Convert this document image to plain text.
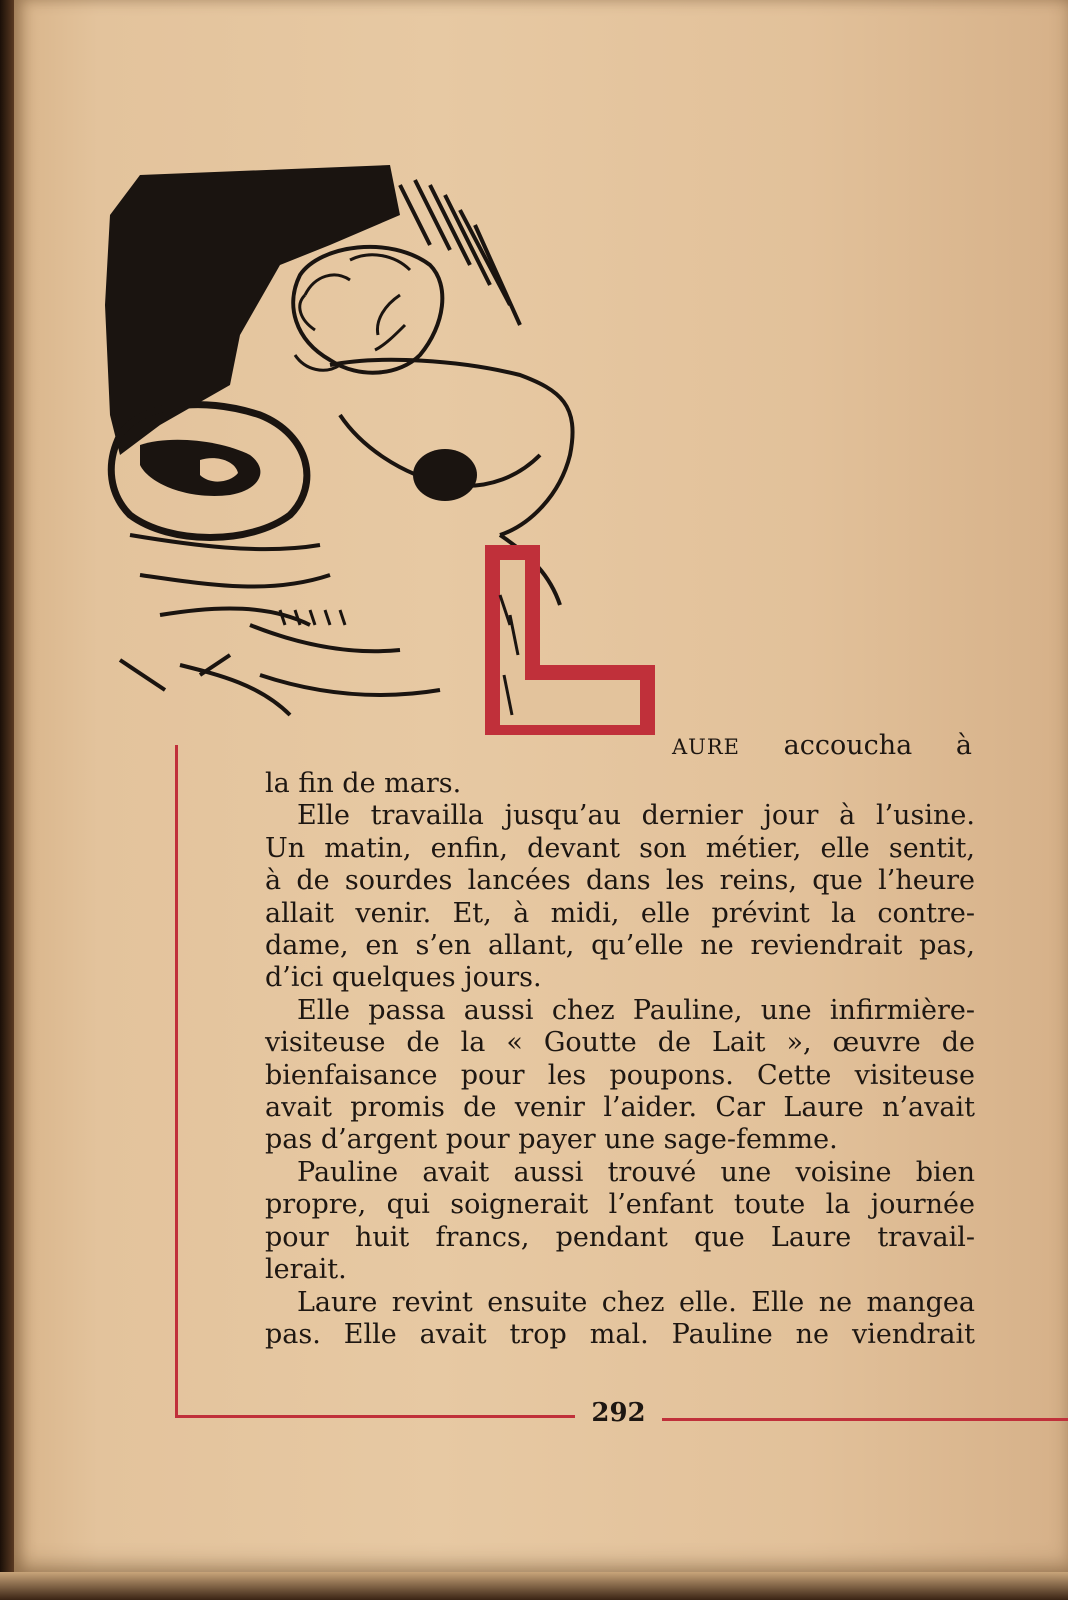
292
AURE accoucha à
la fin de mars.
Elle travailla jusqu’au dernier jour à l’usine.
Un matin, enfin, devant son métier, elle sentit,
à de sourdes lancées dans les reins, que l’heure
allait venir. Et, à midi, elle prévint la contre-
dame, en s’en allant, qu’elle ne reviendrait pas,
d’ici quelques jours.
Elle passa aussi chez Pauline, une infirmière-
visiteuse de la « Goutte de Lait », œuvre de
bienfaisance pour les poupons. Cette visiteuse
avait promis de venir l’aider. Car Laure n’avait
pas d’argent pour payer une sage-femme.
Pauline avait aussi trouvé une voisine bien
propre, qui soignerait l’enfant toute la journée
pour huit francs, pendant que Laure travail-
lerait.
Laure revint ensuite chez elle. Elle ne mangea
pas. Elle avait trop mal. Pauline ne viendrait
